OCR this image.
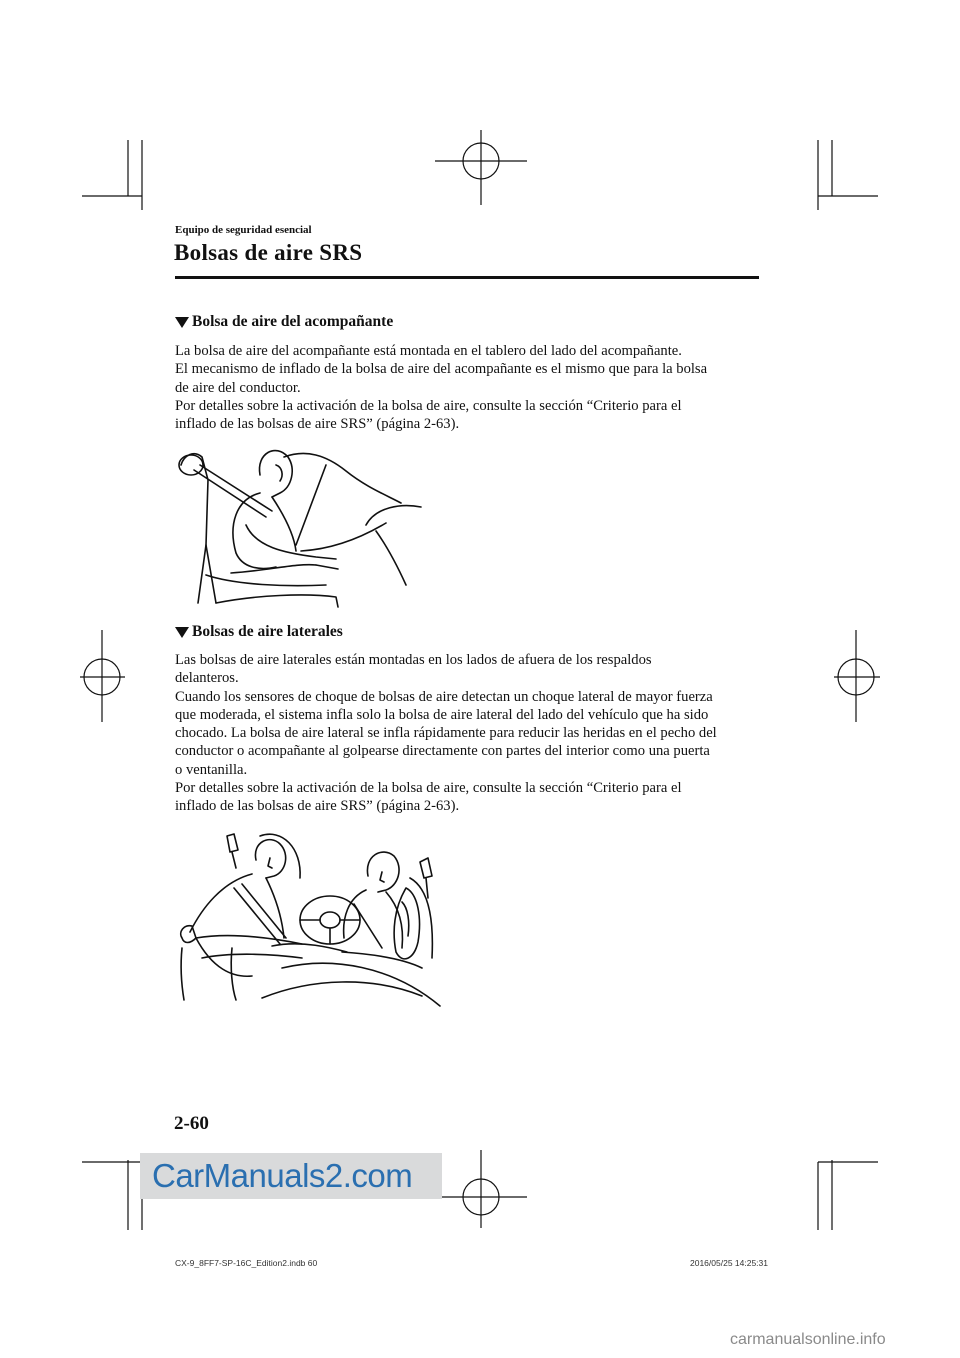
Equipo de seguridad esencial
Bolsas de aire SRS
Bolsa de aire del acompañante
La bolsa de aire del acompañante está montada en el tablero del lado del acompañante.
El mecanismo de inflado de la bolsa de aire del acompañante es el mismo que para la bolsa
de aire del conductor.
Por detalles sobre la activación de la bolsa de aire, consulte la sección “Criterio para el
inflado de las bolsas de aire SRS” (página 2-63).
Bolsas de aire laterales
Las bolsas de aire laterales están montadas en los lados de afuera de los respaldos
delanteros.
Cuando los sensores de choque de bolsas de aire detectan un choque lateral de mayor fuerza
que moderada, el sistema infla solo la bolsa de aire lateral del lado del vehículo que ha sido
chocado. La bolsa de aire lateral se infla rápidamente para reducir las heridas en el pecho del
conductor o acompañante al golpearse directamente con partes del interior como una puerta
o ventanilla.
Por detalles sobre la activación de la bolsa de aire, consulte la sección “Criterio para el
inflado de las bolsas de aire SRS” (página 2-63).
2-60
CarManuals2.com
CX-9_8FF7-SP-16C_Edition2.indb 60	2016/05/25 14:25:31
carmanualsonline.info
